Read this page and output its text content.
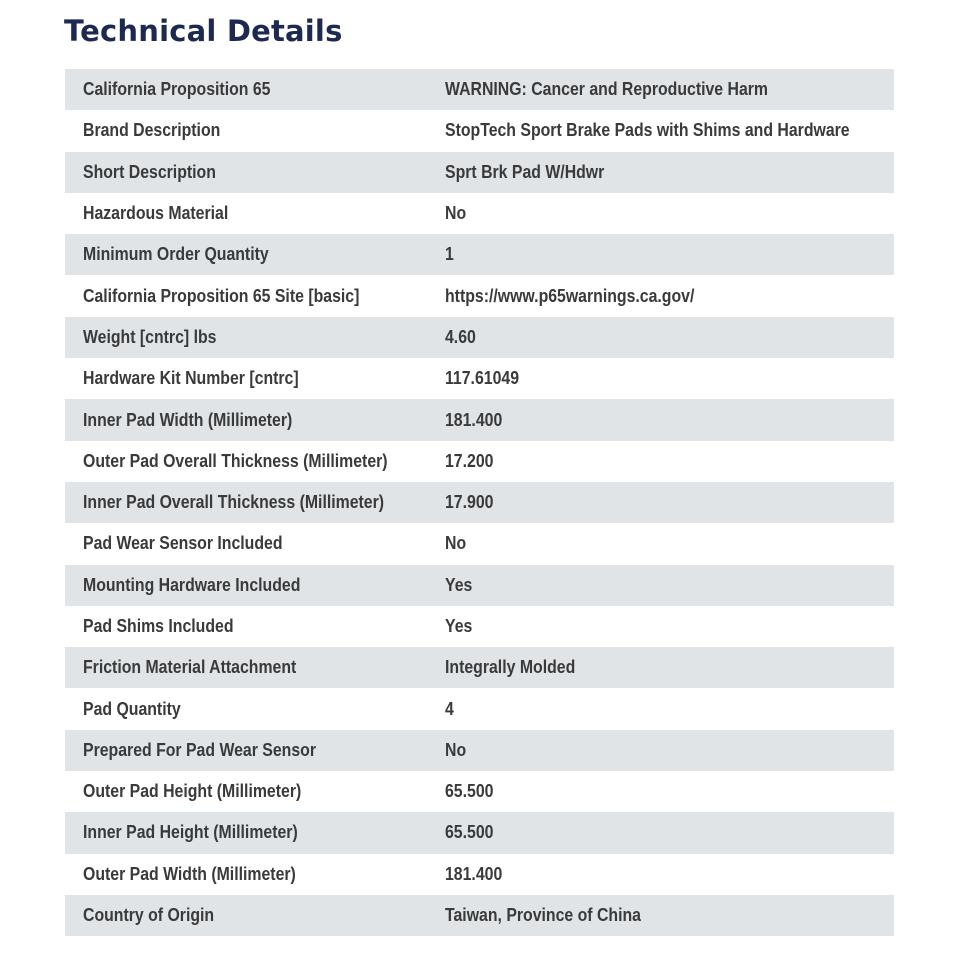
Technical Details
California Proposition 65	WARNING: Cancer and Reproductive Harm
Brand Description	StopTech Sport Brake Pads with Shims and Hardware
Short Description	Sprt Brk Pad W/Hdwr
Hazardous Material	No
Minimum Order Quantity	1
California Proposition 65 Site [basic]	https://www.p65warnings.ca.gov/
Weight [cntrc] lbs	4.60
Hardware Kit Number [cntrc]	117.61049
Inner Pad Width (Millimeter)	181.400
Outer Pad Overall Thickness (Millimeter)	17.200
Inner Pad Overall Thickness (Millimeter)	17.900
Pad Wear Sensor Included	No
Mounting Hardware Included	Yes
Pad Shims Included	Yes
Friction Material Attachment	Integrally Molded
Pad Quantity	4
Prepared For Pad Wear Sensor	No
Outer Pad Height (Millimeter)	65.500
Inner Pad Height (Millimeter)	65.500
Outer Pad Width (Millimeter)	181.400
Country of Origin	Taiwan, Province of China
